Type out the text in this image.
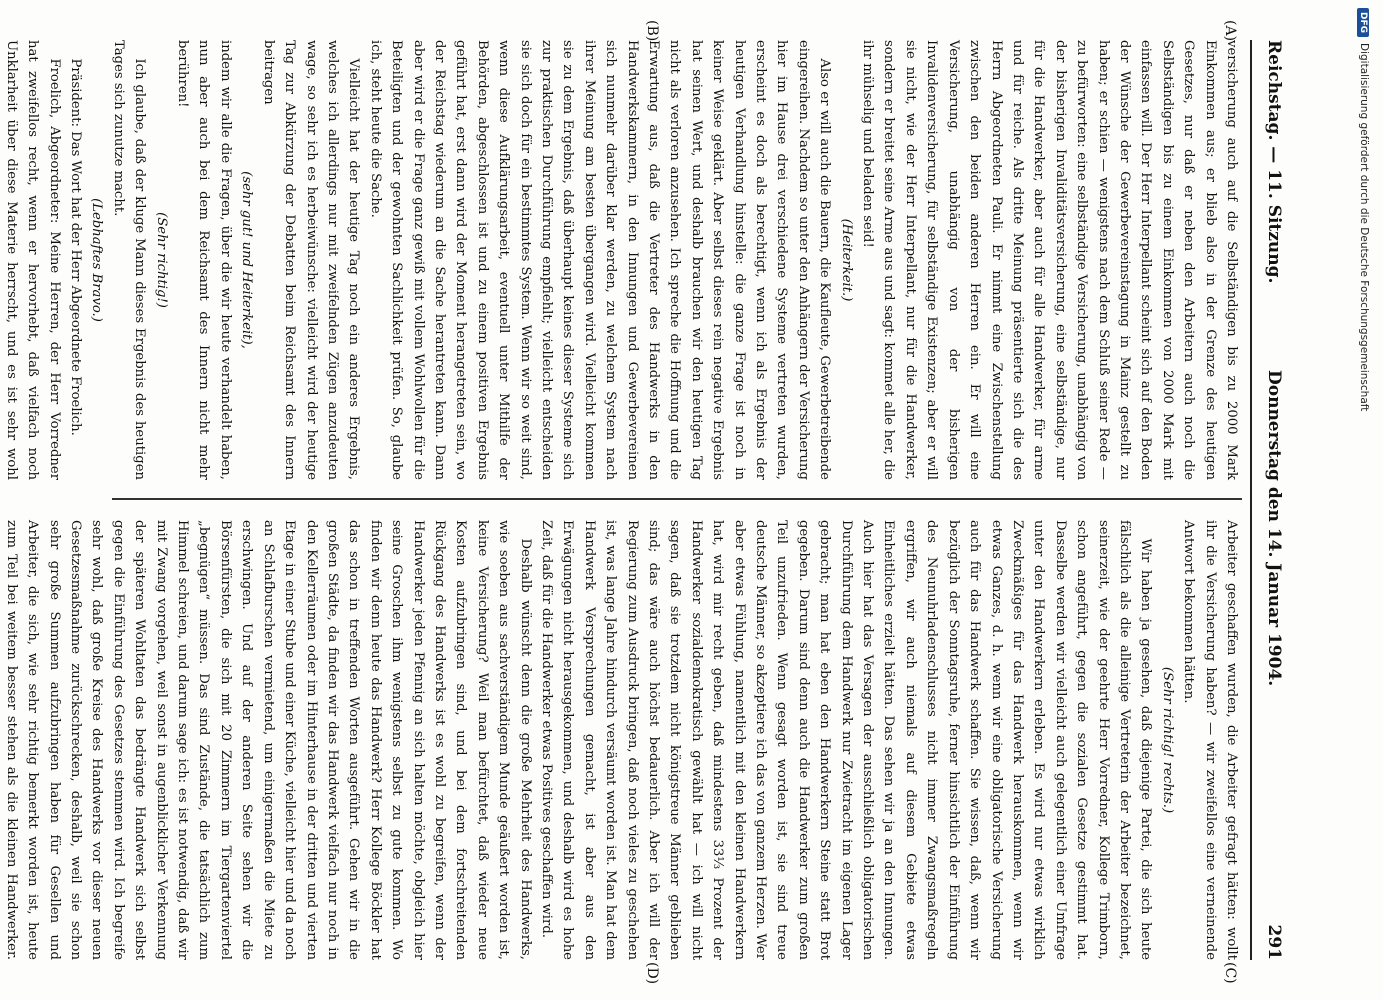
Reichstag. — 11. Sitzung.
Donnerstag den 14. Januar 1904.
291
(A)
(B)
(C)
(D)

versicherung auch auf die Selbständigen bis zu 2000 Mark Einkommen aus; er blieb also in der Grenze des heutigen Gesetzes, nur daß er neben den Arbeitern auch noch die Selbständigen bis zu einem Einkommen von 2000 Mark mit einfassen will. Der Herr Interpellant scheint sich auf den Boden der Wünsche der Gewerbevereinstagung in Mainz gestellt zu haben; er schien — wenigstens nach dem Schluß seiner Rede — zu befürworten: eine selbständige Versicherung, unabhängig von der bisherigen Invaliditätsversicherung, eine selbständige, nur für die Handwerker, aber auch für alle Handwerker, für arme und für reiche. Als dritte Meinung präsentierte sich die des Herrn Abgeordneten Pauli. Er nimmt eine Zwischenstellung zwischen den beiden anderen Herren ein. Er will eine Versicherung, unabhängig von der bisherigen Invalidenversicherung, für selbständige Existenzen; aber er will sie nicht, wie der Herr Interpellant, nur für die Handwerker, sondern er breitet seine Arme aus und sagt: kommet alle her, die ihr mühselig und beladen seid!

(Heiterkeit.)

Also er will auch die Bauern, die Kaufleute, Gewerbetreibende eingereihen. Nachdem so unter den Anhängern der Versicherung hier im Hause drei verschiedene Systeme vertreten wurden, erscheint es doch als berechtigt, wenn ich als Ergebnis der heutigen Verhandlung hinstelle: die ganze Frage ist noch in keiner Weise geklärt. Aber selbst dieses rein negative Ergebnis hat seinen Wert, und deshalb brauchen wir den heutigen Tag nicht als verloren anzusehen. Ich spreche die Hoffnung und die Erwartung aus, daß die Vertreter des Handwerks in den Handwerkskammern, in den Innungen und Gewerbevereinen sich nunmehr darüber klar werden, zu welchem System nach ihrer Meinung am besten übergangen wird. Vielleicht kommen sie zu dem Ergebnis, daß überhaupt keines dieser Systeme sich zur praktischen Durchführung empfiehlt; vielleicht entscheiden sie sich doch für ein bestimmtes System. Wenn wir so weit sind, wenn diese Aufklärungsarbeit, eventuell unter Mithilfe der Behörden, abgeschlossen ist und zu einem positiven Ergebnis geführt hat, erst dann wird der Moment herangetreten sein, wo der Reichstag wiederum an die Sache herantreten kann. Dann aber wird er die Frage ganz gewiß mit vollem Wohlwollen für die Beteiligten und der gewohnten Sachlichkeit prüfen. So, glaube ich, steht heute die Sache.

Vielleicht hat der heutige Tag noch ein anderes Ergebnis, welches ich allerdings nur mit zweifelnden Zügen anzudeuten wage, so sehr ich es herbeiwünsche: vielleicht wird der heutige Tag zur Abkürzung der Debatten beim Reichsamt des Innern beitragen

(sehr gut! und Heiterkeit),

indem wir alle die Fragen, über die wir heute verhandelt haben, nun aber auch bei dem Reichsamt des Innern nicht mehr berühren!

(Sehr richtig!)

Ich glaube, daß der kluge Mann dieses Ergebnis des heutigen Tages sich zunutze macht.

(Lebhaftes Bravo.)

Präsident: Das Wort hat der Herr Abgeordnete Froelich.

Froelich, Abgeordneter: Meine Herren, der Herr Vorredner hat zweifellos recht, wenn er hervorhebt, daß vielfach noch Unklarheit über diese Materie herrscht, und es ist sehr wohl

Arbeiter geschaffen wurden, die Arbeiter gefragt hätten: wollt ihr die Versicherung haben? — wir zweifellos eine verneinende Antwort bekommen hätten.

(Sehr richtig! rechts.)

Wir haben ja gesehen, daß diejenige Partei, die sich heute fälschlich als die alleinige Vertreterin der Arbeiter bezeichnet, seinerzeit, wie der geehrte Herr Vorredner, Kollege Trimborn, schon angeführt, gegen die sozialen Gesetze gestimmt hat. Dasselbe werden wir vielleicht auch gelegentlich einer Umfrage unter den Handwerkern erleben. Es wird nur etwas wirklich Zweckmäßiges für das Handwerk herauskommen, wenn wir etwas Ganzes, d. h. wenn wir eine obligatorische Versicherung auch für das Handwerk schaffen. Sie wissen, daß, wenn wir bezüglich der Sonntagsruhe, ferner hinsichtlich der Einführung des Neunuhrladenschlusses nicht immer Zwangsmaßregeln ergriffen, wir auch niemals auf diesem Gebiete etwas Einheitliches erzielt hätten. Das sehen wir ja an den Innungen. Auch hier hat das Versagen der ausschließlich obligatorischen Durchführung dem Handwerk nur Zwietracht im eigenen Lager gebracht; man hat eben den Handwerkern Steine statt Brot gegeben. Darum sind denn auch die Handwerker zum großen Teil unzufrieden. Wenn gesagt worden ist, sie sind treue deutsche Männer, so akzeptiere ich das von ganzem Herzen. Wer aber etwas Fühlung, namentlich mit den kleinen Handwerkern hat, wird mir recht geben, daß mindestens 33⅓ Prozent der Handwerker sozialdemokratisch gewählt hat — ich will nicht sagen, daß sie trotzdem nicht königstreue Männer geblieben sind; das wäre auch höchst bedauerlich. Aber ich will der Regierung zum Ausdruck bringen, daß noch vieles zu geschehen ist, was lange Jahre hindurch versäumt worden ist. Man hat dem Handwerk Versprechungen gemacht, ist aber aus den Erwägungen nicht herausgekommen, und deshalb wird es hohe Zeit, daß für die Handwerker etwas Positives geschaffen wird.

Deshalb wünscht denn die große Mehrheit des Handwerks, wie soeben aus sachverständigem Munde geäußert worden ist, keine Versicherung? Weil man befürchtet, daß wieder neue Kosten aufzubringen sind, und bei dem fortschreitenden Rückgang des Handwerks ist es wohl zu begreifen, wenn der Handwerker jeden Pfennig an sich halten möchte, obgleich hier seine Groschen ihm wenigstens selbst zu gute kommen. Wo finden wir denn heute das Handwerk? Herr Kollege Böckler hat das schon in treffenden Worten ausgeführt. Gehen wir in die großen Städte, da finden wir das Handwerk vielfach nur noch in den Kellerräumen oder im Hinterhause in der dritten und vierten Etage in einer Stube und einer Küche, vielleicht hier und da noch an Schlafburschen vermietend, um einigermaßen die Miete zu erschwingen. Und auf der anderen Seite sehen wir die Börsenfürsten, die sich mit 20 Zimmern im Tiergartenviertel „begnügen“ müssen. Das sind Zustände, die tatsächlich zum Himmel schreien, und darum sage ich: es ist notwendig, daß wir mit Zwang vorgehen, weil sonst in augenblicklicher Verkennung der späteren Wohltaten das bedrängte Handwerk sich selbst gegen die Einführung des Gesetzes stemmen wird. Ich begreife sehr wohl, daß große Kreise des Handwerks vor dieser neuen Gesetzesmaßnahme zurückschrecken, deshalb, weil sie schon sehr große Summen aufzubringen haben für Gesellen und Arbeiter, die sich, wie sehr richtig bemerkt worden ist, heute zum Teil bei weitem besser stehen als die kleinen Handwerker.

DFGDigitalisierung gefördert durch die Deutsche Forschungsgemeinschaft
